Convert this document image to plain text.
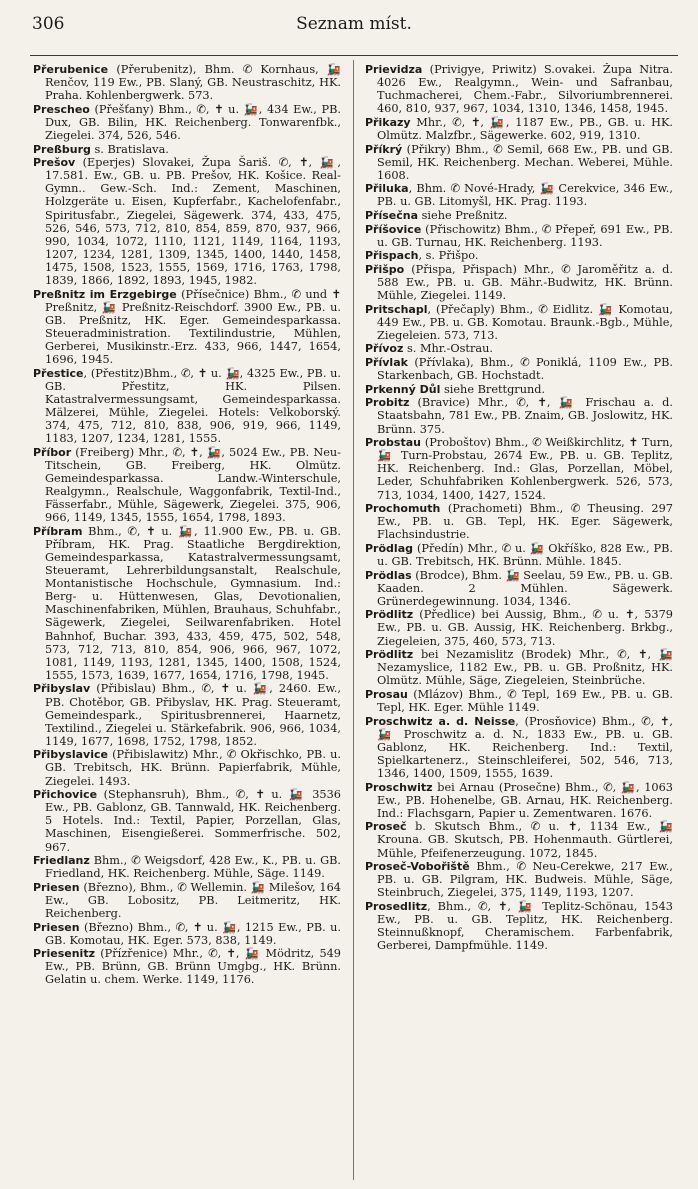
306	Seznam míst.

Přerubenice (Přerubenitz), Bhm. ✆ Kornhaus, 🚂 Renčov, 119 Ew., PB. Slaný, GB. Neustraschitz, HK. Praha. Kohlenbergwerk. 573.

Prescheo (Přešťany) Bhm., ✆, ✝ u. 🚂, 434 Ew., PB. Dux, GB. Bilin, HK. Reichenberg. Tonwarenfbk., Ziegelei. 374, 526, 546.

Preßburg s. Bratislava.

Prešov (Eperjes) Slovakei, Župa Šariš. ✆, ✝, 🚂, 17.581. Ew., GB. u. PB. Prešov, HK. Košice. Real-Gymn.. Gew.-Sch. Ind.: Zement, Maschinen, Holzgeräte u. Eisen, Kupferfabr., Kachelofenfabr., Spiritusfabr., Ziegelei, Sägewerk. 374, 433, 475, 526, 546, 573, 712, 810, 854, 859, 870, 937, 966, 990, 1034, 1072, 1110, 1121, 1149, 1164, 1193, 1207, 1234, 1281, 1309, 1345, 1400, 1440, 1458, 1475, 1508, 1523, 1555, 1569, 1716, 1763, 1798, 1839, 1866, 1892, 1893, 1945, 1982.

Preßnitz im Erzgebirge (Přísečnice) Bhm., ✆ und ✝ Preßnitz, 🚂 Preßnitz-Reischdorf. 3900 Ew., PB. u. GB. Preßnitz, HK. Eger. Gemeindesparkassa. Steueradministration. Textilindustrie, Mühlen, Gerberei, Musikinstr.-Erz. 433, 966, 1447, 1654, 1696, 1945.

Přestice, (Přestitz)Bhm., ✆, ✝ u. 🚂, 4325 Ew., PB. u. GB. Přestitz, HK. Pilsen. Katastralvermessungsamt, Gemeindesparkassa. Mälzerei, Mühle, Ziegelei. Hotels: Velkoborský. 374, 475, 712, 810, 838, 906, 919, 966, 1149, 1183, 1207, 1234, 1281, 1555.

Příbor (Freiberg) Mhr., ✆, ✝, 🚂, 5024 Ew., PB. Neu-Titschein, GB. Freiberg, HK. Olmütz. Gemeindesparkassa. Landw.-Winterschule, Realgymn., Realschule, Waggonfabrik, Textil-Ind., Fässerfabr., Mühle, Sägewerk, Ziegelei. 375, 906, 966, 1149, 1345, 1555, 1654, 1798, 1893.

Příbram Bhm., ✆, ✝ u. 🚂, 11.900 Ew., PB. u. GB. Příbram, HK. Prag. Staatliche Bergdirektion, Gemeindesparkassa, Katastralvermessungsamt, Steueramt, Lehrerbildungsanstalt, Realschule, Montanistische Hochschule, Gymnasium. Ind.: Berg- u. Hüttenwesen, Glas, Devotionalien, Maschinenfabriken, Mühlen, Brauhaus, Schuhfabr., Sägewerk, Ziegelei, Seilwarenfabriken. Hotel Bahnhof, Buchar. 393, 433, 459, 475, 502, 548, 573, 712, 713, 810, 854, 906, 966, 967, 1072, 1081, 1149, 1193, 1281, 1345, 1400, 1508, 1524, 1555, 1573, 1639, 1677, 1654, 1716, 1798, 1945.

Přibyslav (Přibislau) Bhm., ✆, ✝ u. 🚂, 2460. Ew., PB. Chotěbor, GB. Přibyslav, HK. Prag. Steueramt, Gemeindespark., Spiritusbrennerei, Haarnetz, Textilind., Ziegelei u. Stärkefabrik. 906, 966, 1034, 1149, 1677, 1698, 1752, 1798, 1852.

Přibyslavice (Přibislawitz) Mhr., ✆ Okřischko, PB. u. GB. Trebitsch, HK. Brünn. Papierfabrik, Mühle, Ziegelei. 1493.

Přichovice (Stephansruh), Bhm., ✆, ✝ u. 🚂 3536 Ew., PB. Gablonz, GB. Tannwald, HK. Reichenberg. 5 Hotels. Ind.: Textil, Papier, Porzellan, Glas, Maschinen, Eisengießerei. Sommerfrische. 502, 967.

Friedlanz Bhm., ✆ Weigsdorf, 428 Ew., K., PB. u. GB. Friedland, HK. Reichenberg. Mühle, Säge. 1149.

Priesen (Březno), Bhm., ✆ Wellemin. 🚂 Milešov, 164 Ew., GB. Lobositz, PB. Leitmeritz, HK. Reichenberg.

Priesen (Březno) Bhm., ✆, ✝ u. 🚂, 1215 Ew., PB. u. GB. Komotau, HK. Eger. 573, 838, 1149.

Priesenitz (Přízřenice) Mhr., ✆, ✝, 🚂 Mödritz, 549 Ew., PB. Brünn, GB. Brünn Umgbg., HK. Brünn. Gelatin u. chem. Werke. 1149, 1176.

Prievidza (Privigye, Priwitz) S.ovakei. Župa Nitra. 4026 Ew., Realgymn., Wein- und Safranbau, Tuchmacherei, Chem.-Fabr., Silvoriumbrennerei. 460, 810, 937, 967, 1034, 1310, 1346, 1458, 1945.

Přikazy Mhr., ✆, ✝, 🚂, 1187 Ew., PB., GB. u. HK. Olmütz. Malzfbr., Sägewerke. 602, 919, 1310.

Příkrý (Přikry) Bhm., ✆ Semil, 668 Ew., PB. und GB. Semil, HK. Reichenberg. Mechan. Weberei, Mühle. 1608.

Přiluka, Bhm. ✆ Nové-Hrady, 🚂 Cerekvice, 346 Ew., PB. u. GB. Litomyšl, HK. Prag. 1193.

Přísečna siehe Preßnitz.

Příšovice (Přischowitz) Bhm., ✆ Přepeř, 691 Ew., PB. u. GB. Turnau, HK. Reichenberg. 1193.

Přispach, s. Přišpo.

Přišpo (Přispa, Přispach) Mhr., ✆ Jaroměřitz a. d. 588 Ew., PB. u. GB. Mähr.-Budwitz, HK. Brünn. Mühle, Ziegelei. 1149.

Pritschapl, (Přečaply) Bhm., ✆ Eidlitz. 🚂 Komotau, 449 Ew., PB. u. GB. Komotau. Braunk.-Bgb., Mühle, Ziegeleien. 573, 713.

Přívoz s. Mhr.-Ostrau.

Přívlak (Přívlaka), Bhm., ✆ Poniklá, 1109 Ew., PB. Starkenbach, GB. Hochstadt.

Prkenný Důl siehe Brettgrund.

Probitz (Bravice) Mhr., ✆, ✝, 🚂 Frischau a. d. Staatsbahn, 781 Ew., PB. Znaim, GB. Joslowitz, HK. Brünn. 375.

Probstau (Proboštov) Bhm., ✆ Weißkirchlitz, ✝ Turn, 🚂 Turn-Probstau, 2674 Ew., PB. u. GB. Teplitz, HK. Reichenberg. Ind.: Glas, Porzellan, Möbel, Leder, Schuhfabriken Kohlenbergwerk. 526, 573, 713, 1034, 1400, 1427, 1524.

Prochomuth (Prachometi) Bhm., ✆ Theusing. 297 Ew., PB. u. GB. Tepl, HK. Eger. Sägewerk, Flachsindustrie.

Prödlag (Předín) Mhr., ✆ u. 🚂 Okříško, 828 Ew., PB. u. GB. Trebitsch, HK. Brünn. Mühle. 1845.

Prödlas (Brodce), Bhm. 🚂 Seelau, 59 Ew., PB. u. GB. Kaaden. 2 Mühlen. Sägewerk. Grünerdegewinnung. 1034, 1346.

Prödlitz (Předlice) bei Aussig, Bhm., ✆ u. ✝, 5379 Ew., PB. u. GB. Aussig, HK. Reichenberg. Brkbg., Ziegeleien, 375, 460, 573, 713.

Prödlitz bei Nezamislitz (Brodek) Mhr., ✆, ✝, 🚂 Nezamyslice, 1182 Ew., PB. u. GB. Proßnitz, HK. Olmütz. Mühle, Säge, Ziegeleien, Steinbrüche.

Prosau (Mlázov) Bhm., ✆ Tepl, 169 Ew., PB. u. GB. Tepl, HK. Eger. Mühle 1149.

Proschwitz a. d. Neisse, (Prosňovice) Bhm., ✆, ✝, 🚂 Proschwitz a. d. N., 1833 Ew., PB. u. GB. Gablonz, HK. Reichenberg. Ind.: Textil, Spielkartenerz., Steinschleiferei, 502, 546, 713, 1346, 1400, 1509, 1555, 1639.

Proschwitz bei Arnau (Prosečne) Bhm., ✆, 🚂, 1063 Ew., PB. Hohenelbe, GB. Arnau, HK. Reichenberg. Ind.: Flachsgarn, Papier u. Zementwaren. 1676.

Proseč b. Skutsch Bhm., ✆ u. ✝, 1134 Ew., 🚂 Krouna. GB. Skutsch, PB. Hohenmauth. Gürtlerei, Mühle, Pfeifenerzeugung. 1072, 1845.

Proseč-Vobořiště Bhm., ✆ Neu-Cerekwe, 217 Ew., PB. u. GB. Pilgram, HK. Budweis. Mühle, Säge, Steinbruch, Ziegelei, 375, 1149, 1193, 1207.

Prosedlitz, Bhm., ✆, ✝, 🚂 Teplitz-Schönau, 1543 Ew., PB. u. GB. Teplitz, HK. Reichenberg. Steinnußknopf, Cheramischem. Farbenfabrik, Gerberei, Dampfmühle. 1149.
